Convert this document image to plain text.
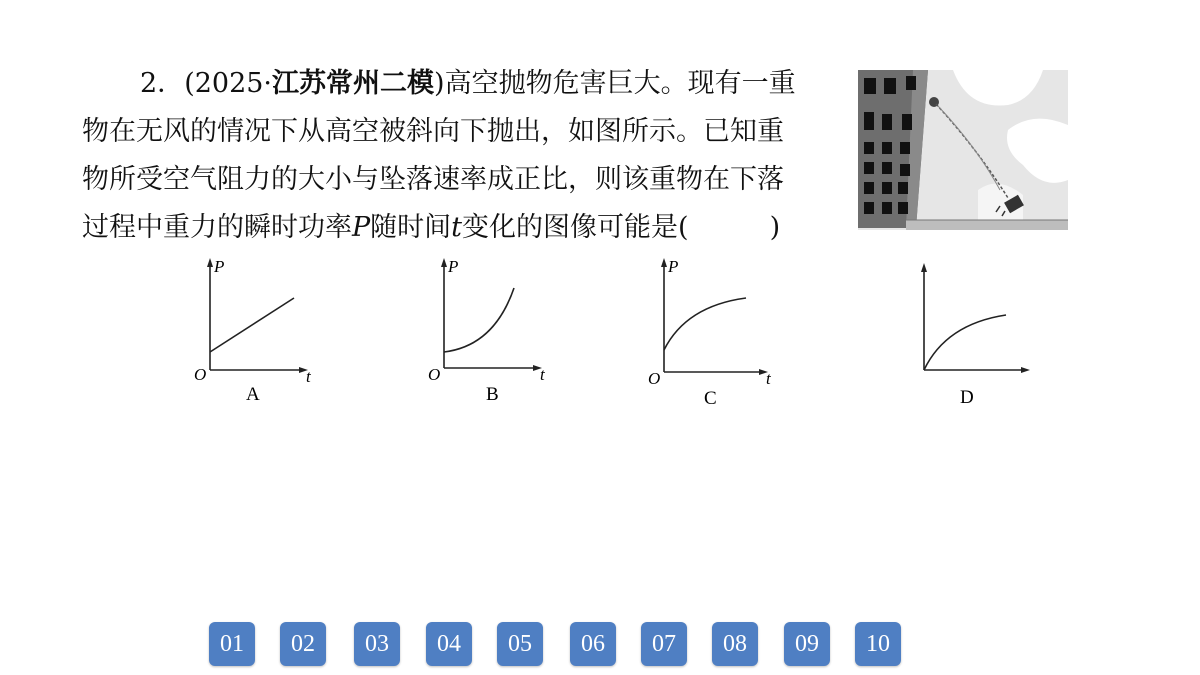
2．(2025·江苏常州二模)高空抛物危害巨大。现有一重
物在无风的情况下从高空被斜向下抛出，如图所示。已知重
物所受空气阻力的大小与坠落速率成正比，则该重物在下落
过程中重力的瞬时功率P随时间t变化的图像可能是(　　　	)
P
t
O
A
P
t
O
B
P
t
O
C	D
01	02	03	04	05	06	07	08	09	10
